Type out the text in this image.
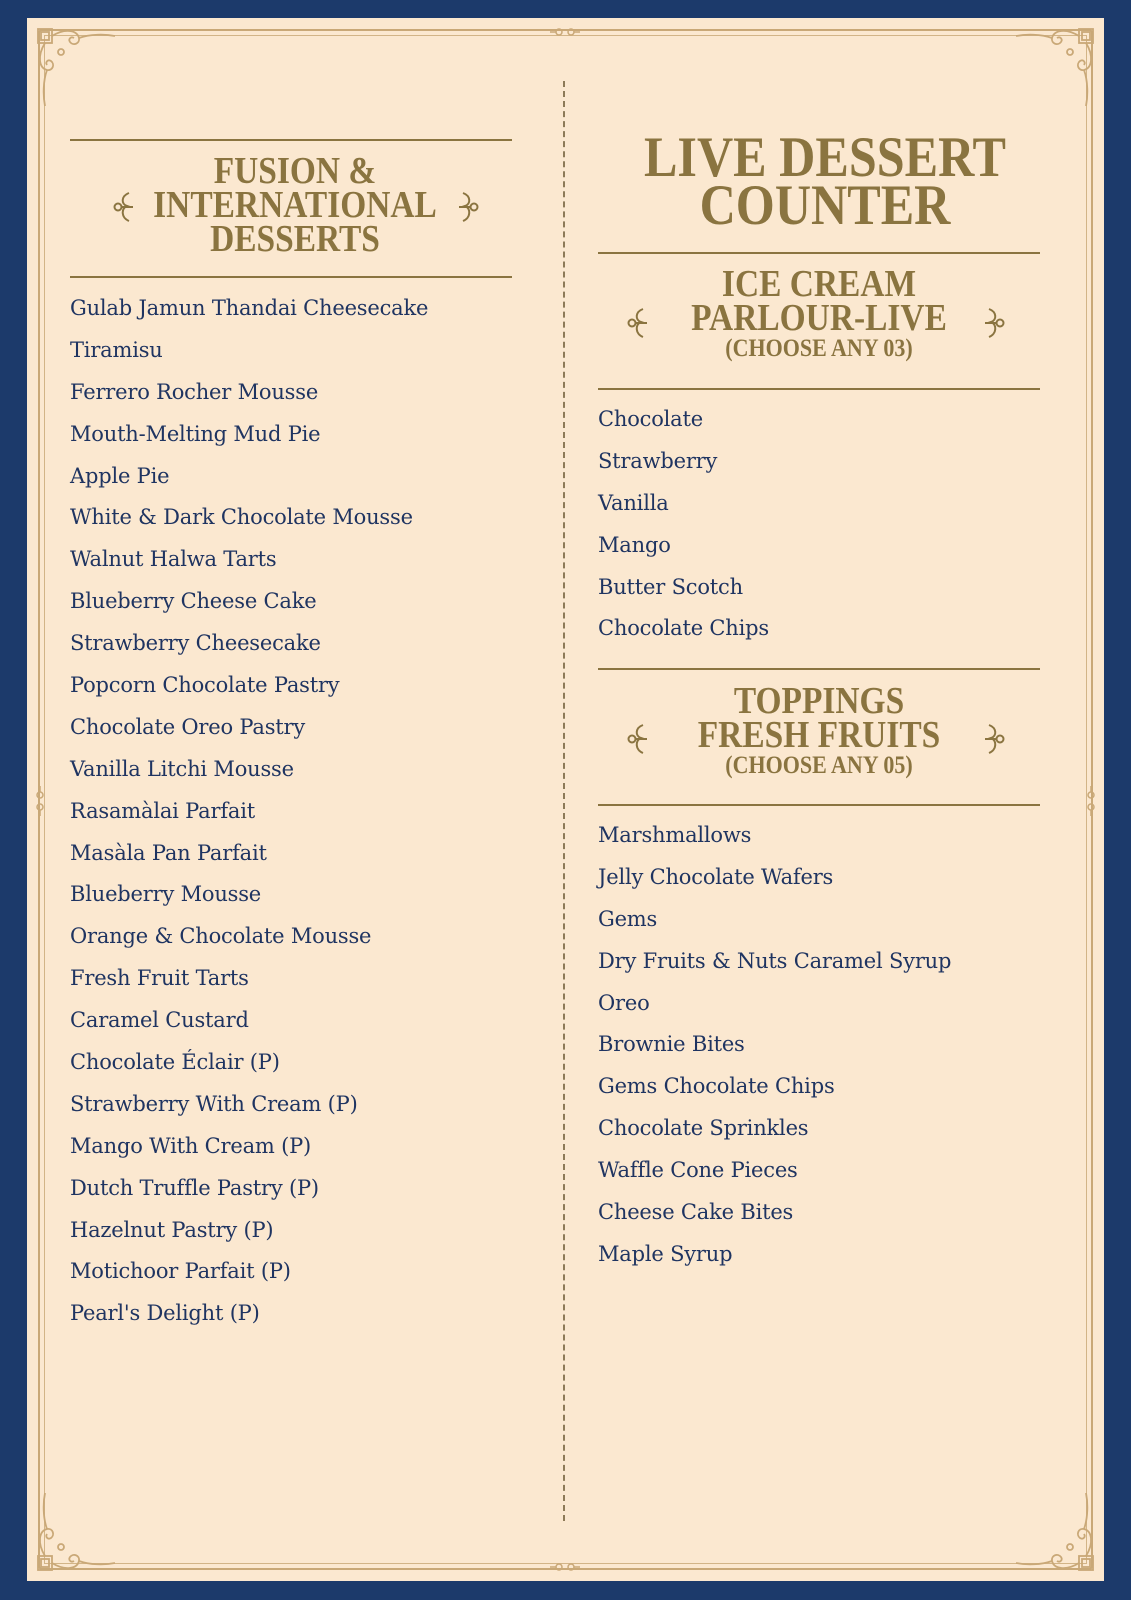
FUSION &
INTERNATIONAL
DESSERTS
Gulab Jamun Thandai Cheesecake
Tiramisu
Ferrero Rocher Mousse
Mouth-Melting Mud Pie
Apple Pie
White & Dark Chocolate Mousse
Walnut Halwa Tarts
Blueberry Cheese Cake
Strawberry Cheesecake
Popcorn Chocolate Pastry
Chocolate Oreo Pastry
Vanilla Litchi Mousse
Rasamàlai Parfait
Masàla Pan Parfait
Blueberry Mousse
Orange & Chocolate Mousse
Fresh Fruit Tarts
Caramel Custard
Chocolate Éclair (P)
Strawberry With Cream (P)
Mango With Cream (P)
Dutch Truffle Pastry (P)
Hazelnut Pastry (P)
Motichoor Parfait (P)
Pearl's Delight (P)
LIVE DESSERT
COUNTER
ICE CREAM
PARLOUR-LIVE
(CHOOSE ANY 03)
Chocolate
Strawberry
Vanilla
Mango
Butter Scotch
Chocolate Chips
TOPPINGS
FRESH FRUITS
(CHOOSE ANY 05)
Marshmallows
Jelly Chocolate Wafers
Gems
Dry Fruits & Nuts Caramel Syrup
Oreo
Brownie Bites
Gems Chocolate Chips
Chocolate Sprinkles
Waffle Cone Pieces
Cheese Cake Bites
Maple Syrup
